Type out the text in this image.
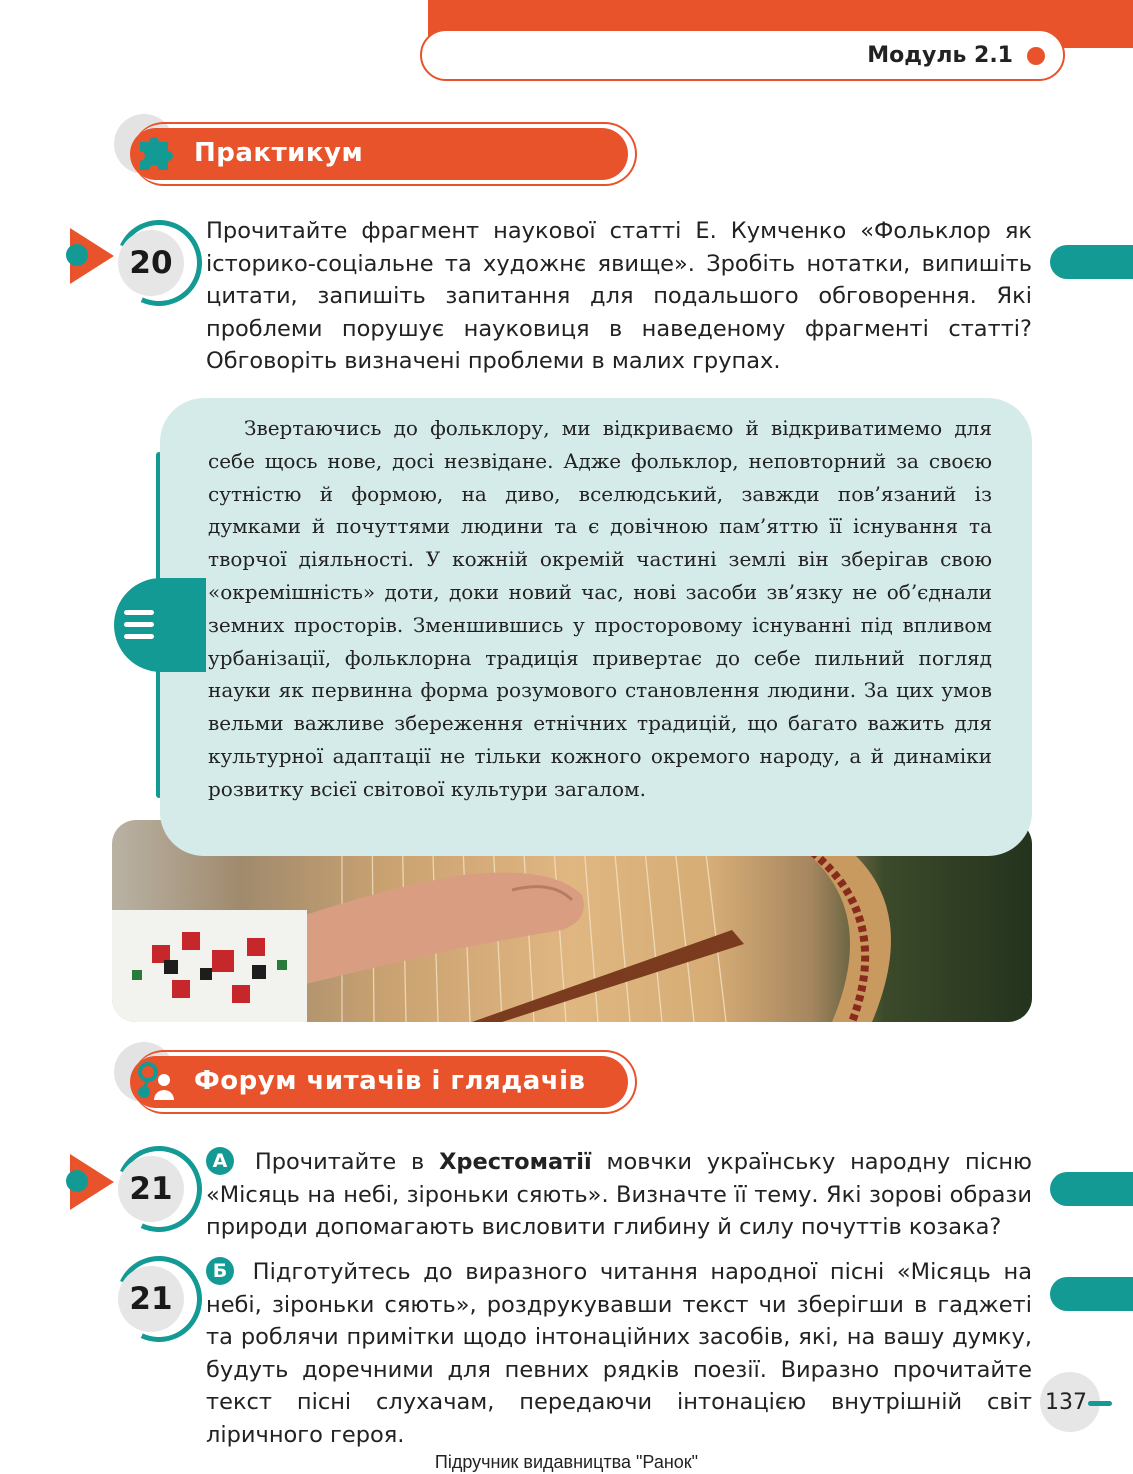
Модуль 2.1
Практикум
20
Прочитайте фрагмент наукової статті Е. Кумченко «Фольклор як історико-соціальне та художнє явище». Зробіть нотатки, випишіть цитати, запишіть запитання для подальшого обговорення. Які проблеми порушує науковиця в наведеному фрагменті статті? Обговоріть визначені проблеми в малих групах.
Звертаючись до фольклору, ми відкриваємо й відкриватимемо для себе щось нове, досі незвідане. Адже фольклор, неповторний за своєю сутністю й формою, на диво, вселюдський, завжди пов’язаний із думками й почуттями людини та є довічною пам’яттю її існування та творчої діяльності. У кожній окремій частині землі він зберігав свою «окремішність» доти, доки новий час, нові засоби зв’язку не об’єднали земних просторів. Зменшившись у просторовому існуванні під впливом урбанізації, фольклорна традиція привертає до себе пильний погляд науки як первинна форма розумового становлення людини. За цих умов вельми важливе збереження етнічних традицій, що багато важить для культурної адаптації не тільки кожного окремого народу, а й динаміки розвитку всієї світової культури загалом.
Форум читачів і глядачів
21
А Прочитайте в Хрестоматії мовчки українську народну пісню «Місяць на небі, зіроньки сяють». Визначте її тему. Які зорові образи природи допомагають висловити глибину й силу почуттів козака?
21
Б Підготуйтесь до виразного читання народної пісні «Місяць на небі, зіроньки сяють», роздрукувавши текст чи зберігши в гаджеті та роблячи примітки щодо інтонаційних засобів, які, на вашу думку, будуть доречними для певних рядків поезії. Виразно прочитайте текст пісні слухачам, передаючи інтонацією внутрішній світ ліричного героя.
137
Підручник видавництва "Ранок"
